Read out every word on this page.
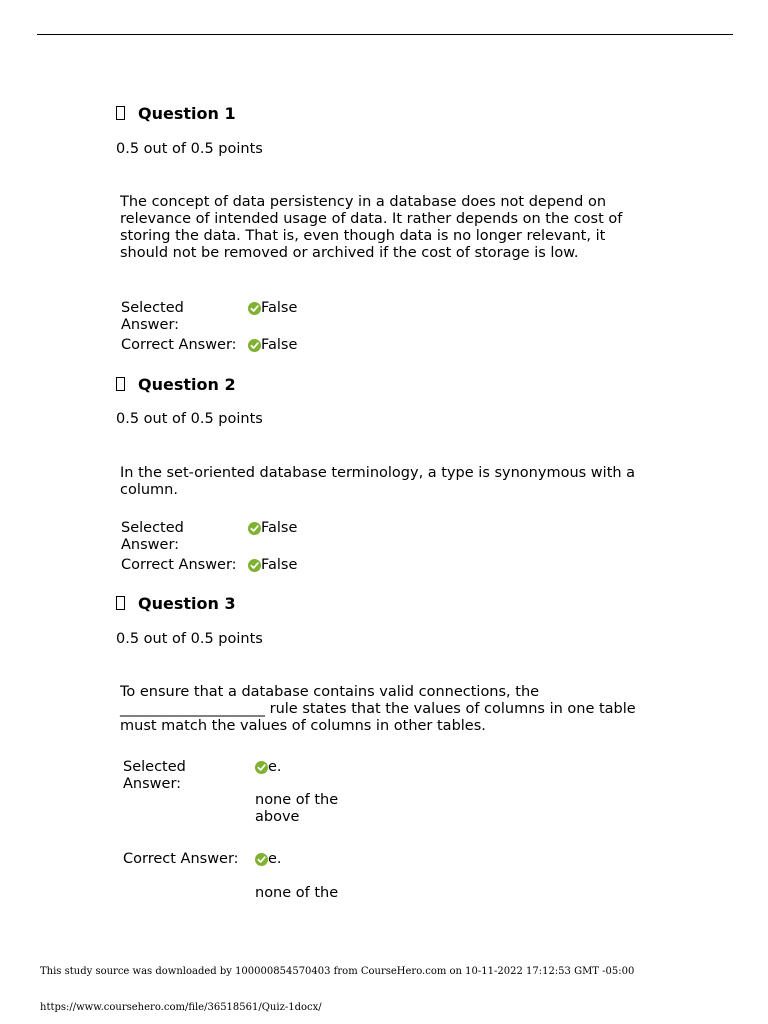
Question 1
0.5 out of 0.5 points
The concept of data persistency in a database does not depend on relevance of intended usage of data. It rather depends on the cost of storing the data. That is, even though data is no longer relevant, it should not be removed or archived if the cost of storage is low.
Selected Answer:
False
Correct Answer: False
Question 2
0.5 out of 0.5 points
In the set-oriented database terminology, a type is synonymous with a column.
Selected Answer:
False
Correct Answer: False
Question 3
0.5 out of 0.5 points
To ensure that a database contains valid connections, the ____________________ rule states that the values of columns in one table must match the values of columns in other tables.
Selected Answer:
e.
none of the above
Correct Answer: e.
none of the
This study source was downloaded by 100000854570403 from CourseHero.com on 10-11-2022 17:12:53 GMT -05:00
https://www.coursehero.com/file/36518561/Quiz-1docx/
